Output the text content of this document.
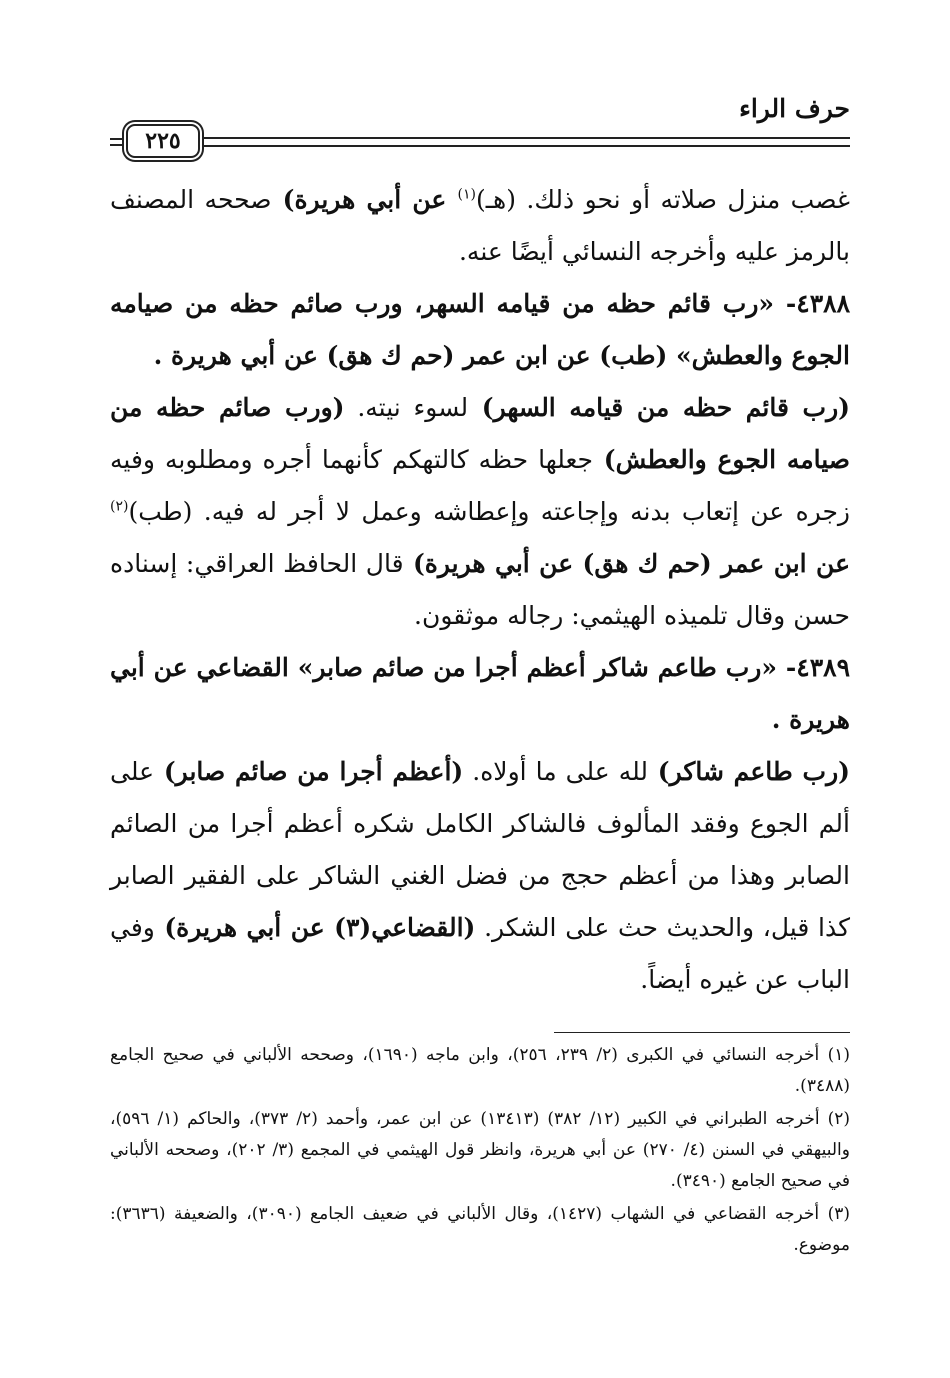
حرف الراء
٢٢٥

غصب منزل صلاته أو نحو ذلك. (هـ)$^{(١)}$ عن أبي هريرة) صححه المصنف بالرمز عليه وأخرجه النسائي أيضًا عنه.

٤٣٨٨- «رب قائم حظه من قيامه السهر، ورب صائم حظه من صيامه الجوع والعطش» (طب) عن ابن عمر (حم ك هق) عن أبي هريرة .

(رب قائم حظه من قيامه السهر) لسوء نيته. (ورب صائم حظه من صيامه الجوع والعطش) جعلها حظه كالتهكم كأنهما أجره ومطلوبه وفيه زجره عن إتعاب بدنه وإجاعته وإعطاشه وعمل لا أجر له فيه. (طب)$^{(٢)}$ عن ابن عمر (حم ك هق) عن أبي هريرة) قال الحافظ العراقي: إسناده حسن وقال تلميذه الهيثمي: رجاله موثقون.

٤٣٨٩- «رب طاعم شاكر أعظم أجرا من صائم صابر» القضاعي عن أبي هريرة .

(رب طاعم شاكر) لله على ما أولاه. (أعظم أجرا من صائم صابر) على ألم الجوع وفقد المألوف فالشاكر الكامل شكره أعظم أجرا من الصائم الصابر وهذا من أعظم حجج من فضل الغني الشاكر على الفقير الصابر كذا قيل، والحديث حث على الشكر. (القضاعي(٣) عن أبي هريرة) وفي الباب عن غيره أيضاً.

(١) أخرجه النسائي في الكبرى (٢/ ٢٣٩، ٢٥٦)، وابن ماجه (١٦٩٠)، وصححه الألباني في صحيح الجامع (٣٤٨٨).

(٢) أخرجه الطبراني في الكبير (١٢/ ٣٨٢) (١٣٤١٣) عن ابن عمر، وأحمد (٢/ ٣٧٣)، والحاكم (١/ ٥٩٦)، والبيهقي في السنن (٤/ ٢٧٠) عن أبي هريرة، وانظر قول الهيثمي في المجمع (٣/ ٢٠٢)، وصححه الألباني في صحيح الجامع (٣٤٩٠).

(٣) أخرجه القضاعي في الشهاب (١٤٢٧)، وقال الألباني في ضعيف الجامع (٣٠٩٠)، والضعيفة (٣٦٣٦): موضوع.
